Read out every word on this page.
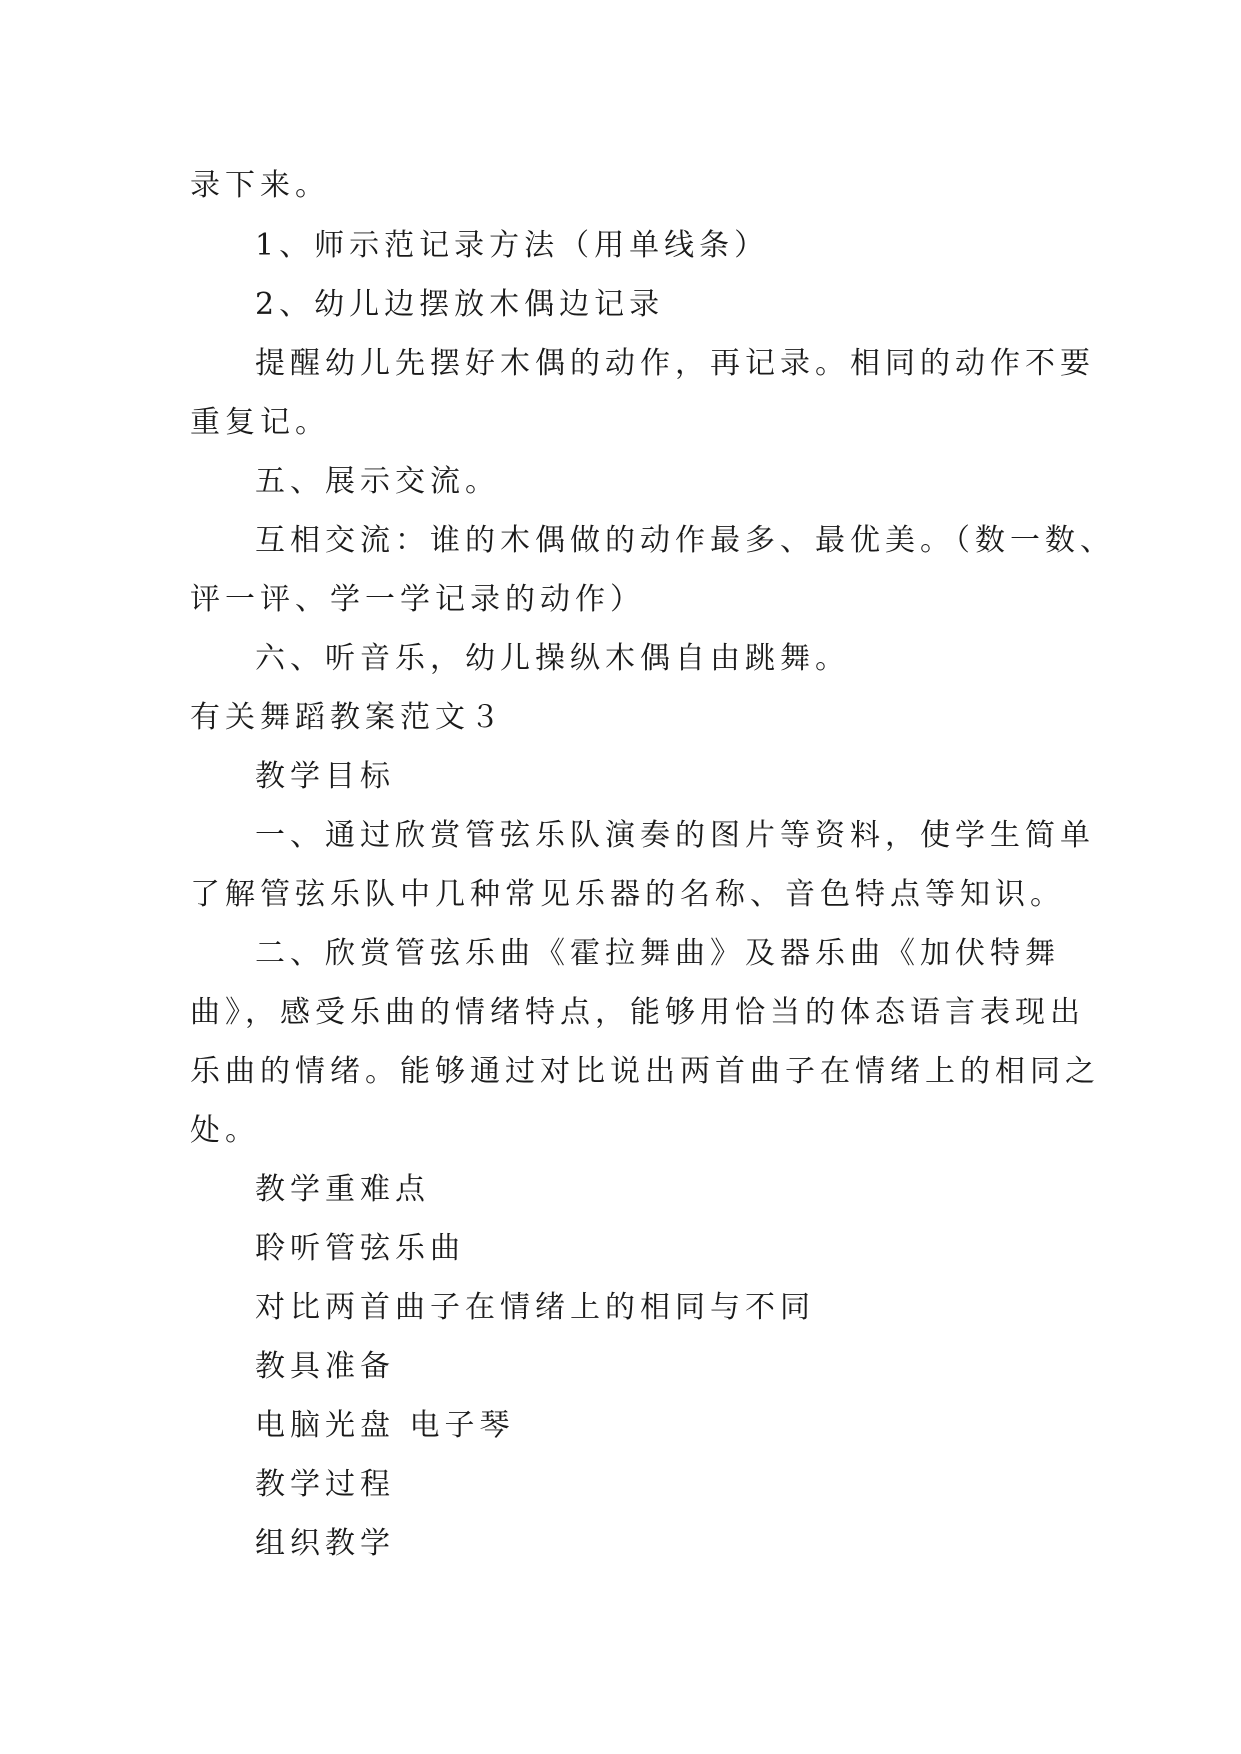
录下来。
1、师示范记录方法（用单线条）
2、幼儿边摆放木偶边记录
提醒幼儿先摆好木偶的动作，再记录。相同的动作不要
重复记。
五、展示交流。
互相交流：谁的木偶做的动作最多、最优美。（数一数、
评一评、学一学记录的动作）
六、听音乐，幼儿操纵木偶自由跳舞。
有关舞蹈教案范文３
教学目标
一、通过欣赏管弦乐队演奏的图片等资料，使学生简单
了解管弦乐队中几种常见乐器的名称、音色特点等知识。
二、欣赏管弦乐曲《霍拉舞曲》及器乐曲《加伏特舞
曲》，感受乐曲的情绪特点，能够用恰当的体态语言表现出
乐曲的情绪。能够通过对比说出两首曲子在情绪上的相同之
处。
教学重难点
聆听管弦乐曲
对比两首曲子在情绪上的相同与不同
教具准备
电脑光盘 电子琴
教学过程
组织教学
